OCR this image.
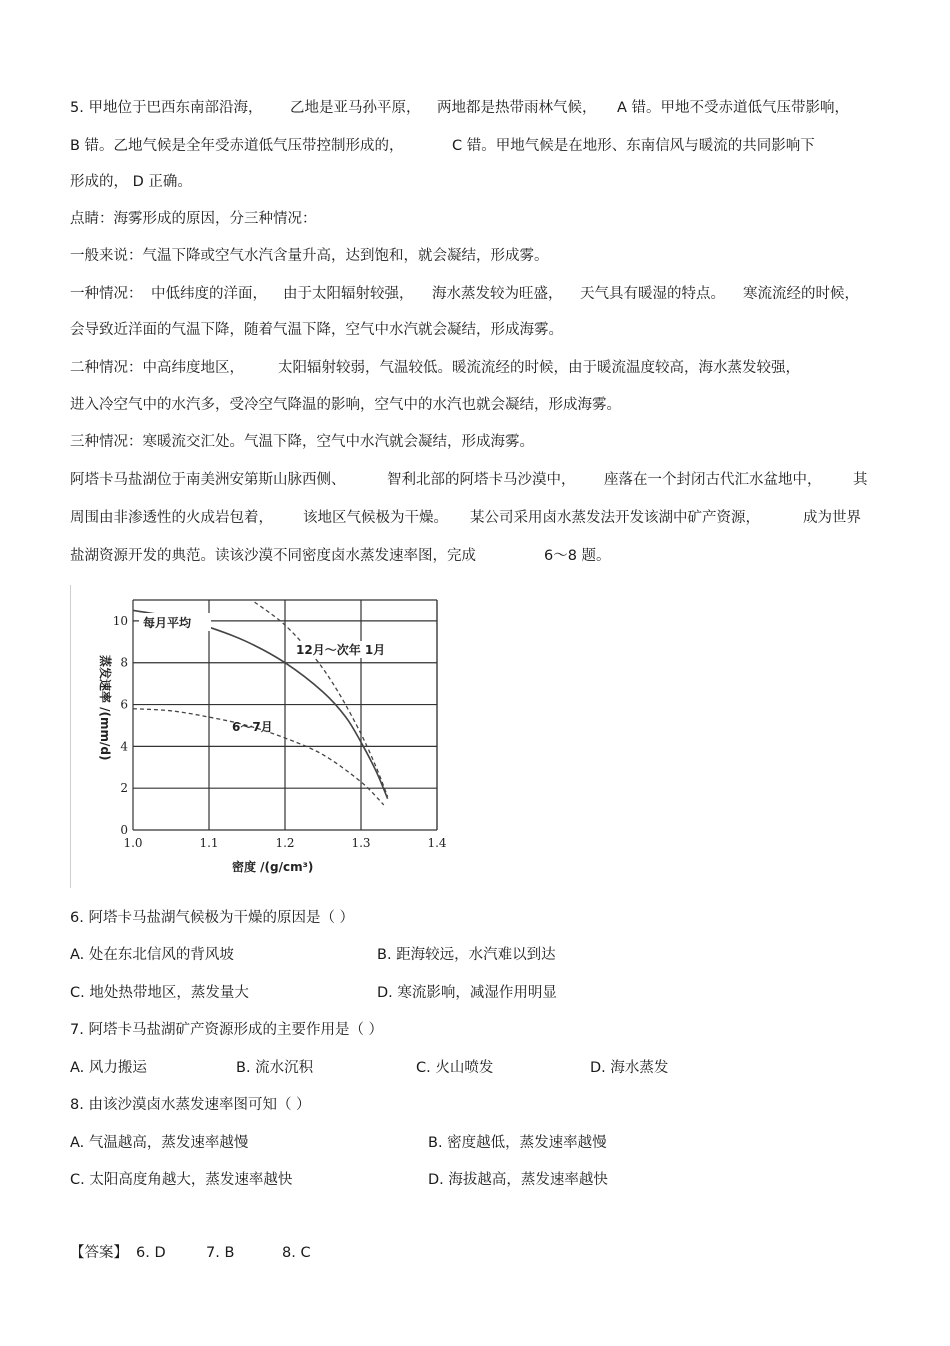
5. 甲地位于巴西东南部沿海， 乙地是亚马孙平原， 两地都是热带雨林气候， A 错。甲地不受赤道低气压带影响，
B 错。乙地气候是全年受赤道低气压带控制形成的，	C 错。甲地气候是在地形、东南信风与暖流的共同影响下
形成的， D 正确。
点睛：海雾形成的原因，分三种情况：
一般来说：气温下降或空气水汽含量升高，达到饱和，就会凝结，形成雾。
一种情况： 中低纬度的洋面， 由于太阳辐射较强， 海水蒸发较为旺盛， 天气具有暖湿的特点。 寒流流经的时候，
会导致近洋面的气温下降，随着气温下降，空气中水汽就会凝结，形成海雾。
二种情况：中高纬度地区， 太阳辐射较弱，气温较低。暖流流经的时候，由于暖流温度较高，海水蒸发较强，
进入冷空气中的水汽多，受冷空气降温的影响，空气中的水汽也就会凝结，形成海雾。
三种情况：寒暖流交汇处。气温下降，空气中水汽就会凝结，形成海雾。
阿塔卡马盐湖位于南美洲安第斯山脉西侧、	智利北部的阿塔卡马沙漠中， 座落在一个封闭古代汇水盆地中， 其
周围由非渗透性的火成岩包着， 该地区气候极为干燥。 某公司采用卤水蒸发法开发该湖中矿产资源，	成为世界
盐湖资源开发的典范。读该沙漠不同密度卤水蒸发速率图，完成	6～8 题。
1.0	1.1	1.2	1.3	1.4
0
2
4
6
8
10 每月平均
12月～次年 1月
6～7月
密度 /(g/cm³)
蒸发速率 /(mm/d)
6. 阿塔卡马盐湖气候极为干燥的原因是（ ）
A. 处在东北信风的背风坡	B. 距海较远，水汽难以到达
C. 地处热带地区，蒸发量大	D. 寒流影响，减湿作用明显
7. 阿塔卡马盐湖矿产资源形成的主要作用是（ ）
A. 风力搬运	B. 流水沉积	C. 火山喷发	D. 海水蒸发
8. 由该沙漠卤水蒸发速率图可知（ ）
A. 气温越高，蒸发速率越慢	B. 密度越低，蒸发速率越慢
C. 太阳高度角越大，蒸发速率越快	D. 海拔越高，蒸发速率越快
【答案】 6. D	7. B	8. C
